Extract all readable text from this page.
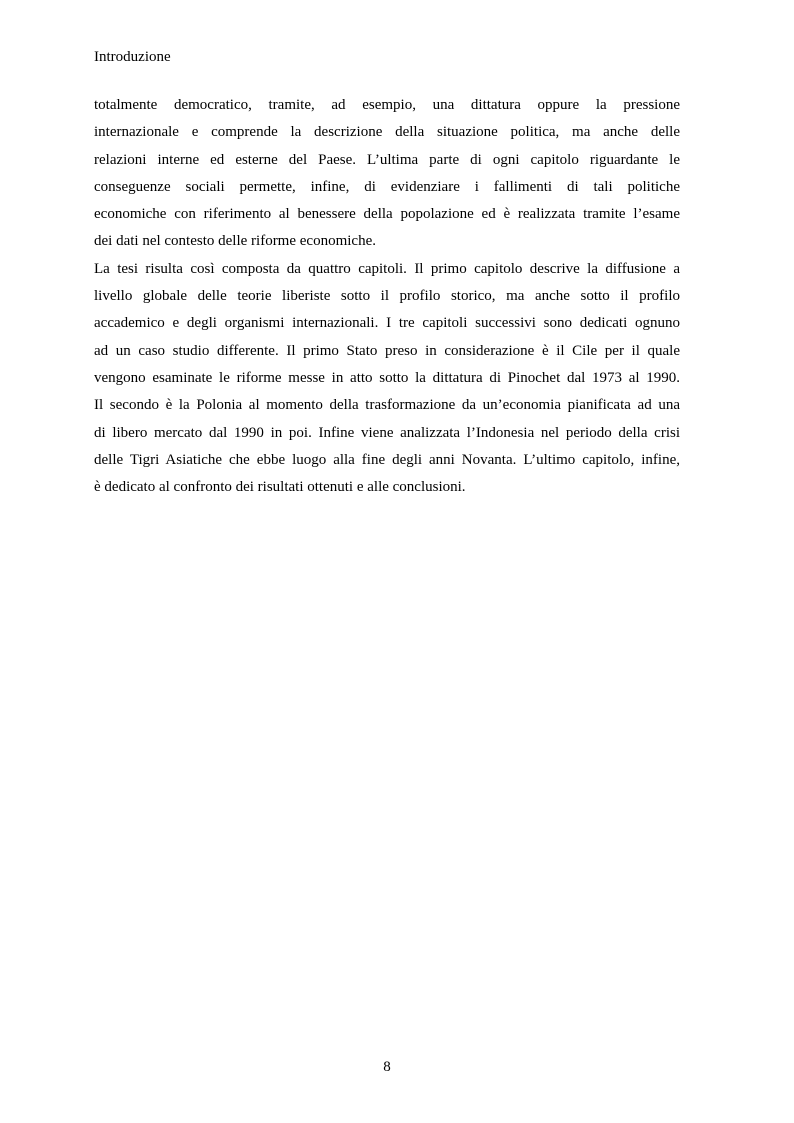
Introduzione
totalmente democratico, tramite, ad esempio, una dittatura oppure la pressione
internazionale e comprende la descrizione della situazione politica, ma anche delle
relazioni interne ed esterne del Paese. L’ultima parte di ogni capitolo riguardante le
conseguenze sociali permette, infine, di evidenziare i fallimenti di tali politiche
economiche con riferimento al benessere della popolazione ed è realizzata tramite l’esame
dei dati nel contesto delle riforme economiche.
La tesi risulta così composta da quattro capitoli. Il primo capitolo descrive la diffusione a
livello globale delle teorie liberiste sotto il profilo storico, ma anche sotto il profilo
accademico e degli organismi internazionali. I tre capitoli successivi sono dedicati ognuno
ad un caso studio differente. Il primo Stato preso in considerazione è il Cile per il quale
vengono esaminate le riforme messe in atto sotto la dittatura di Pinochet dal 1973 al 1990.
Il secondo è la Polonia al momento della trasformazione da un’economia pianificata ad una
di libero mercato dal 1990 in poi. Infine viene analizzata l’Indonesia nel periodo della crisi
delle Tigri Asiatiche che ebbe luogo alla fine degli anni Novanta. L’ultimo capitolo, infine,
è dedicato al confronto dei risultati ottenuti e alle conclusioni.
8
